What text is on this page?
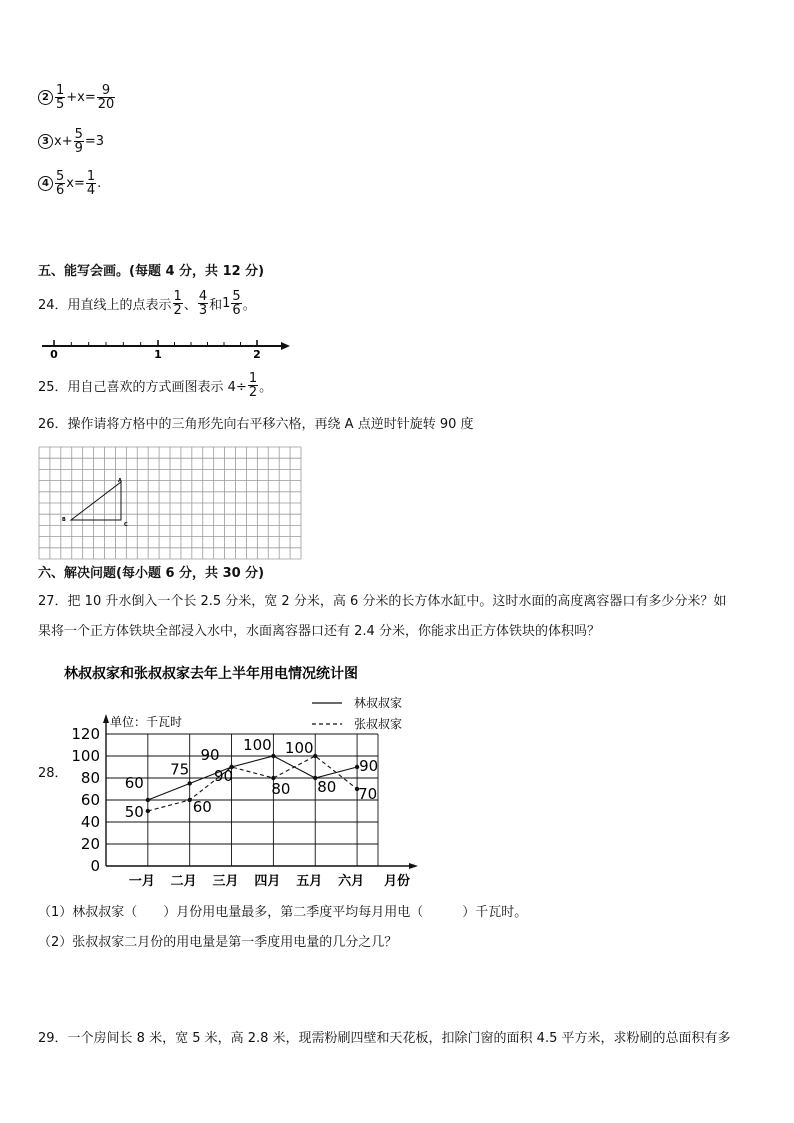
$2 \frac{1}{5} +x= \frac{9}{20}$
3 $x+ \frac{5}{9} =3$
$4 \frac{5}{6} x= \frac{1}{4}$ .
五、能写会画。(每题 4 分，共 12 分)
24．用直线上的点表示 $\frac{1}{2}$ 、 $\frac{4}{3}$ 和 $1 \frac{5}{6}$ 。
0	1	2
25．用自己喜欢的方式画图表示 $4\div \frac{1}{2}$ 。
26．操作请将方格中的三角形先向右平移六格，再绕 A 点逆时针旋转 90 度
A
B
C
六、解决问题(每小题 6 分，共 30 分)
27．把 10 升水倒入一个长 2.5 分米，宽 2 分米，高 6 分米的长方体水缸中。这时水面的高度离容器口有多少分米？如
果将一个正方体铁块全部浸入水中，水面离容器口还有 2.4 分米，你能求出正方体铁块的体积吗？
28．
林叔叔家和张叔叔家去年上半年用电情况统计图
单位：千瓦时
林叔叔家
张叔叔家
0
20
40
60
80
100
120
60
75
90
100
80
90
50	60
90
80
100
70
一月 二月 三月 四月 五月 六月 月份
（1）林叔叔家（　　）月份用电量最多，第二季度平均每月用电（　　　）千瓦时。
（2）张叔叔家二月份的用电量是第一季度用电量的几分之几？
29．一个房间长 8 米，宽 5 米，高 2.8 米，现需粉刷四壁和天花板，扣除门窗的面积 4.5 平方米，求粉刷的总面积有多
